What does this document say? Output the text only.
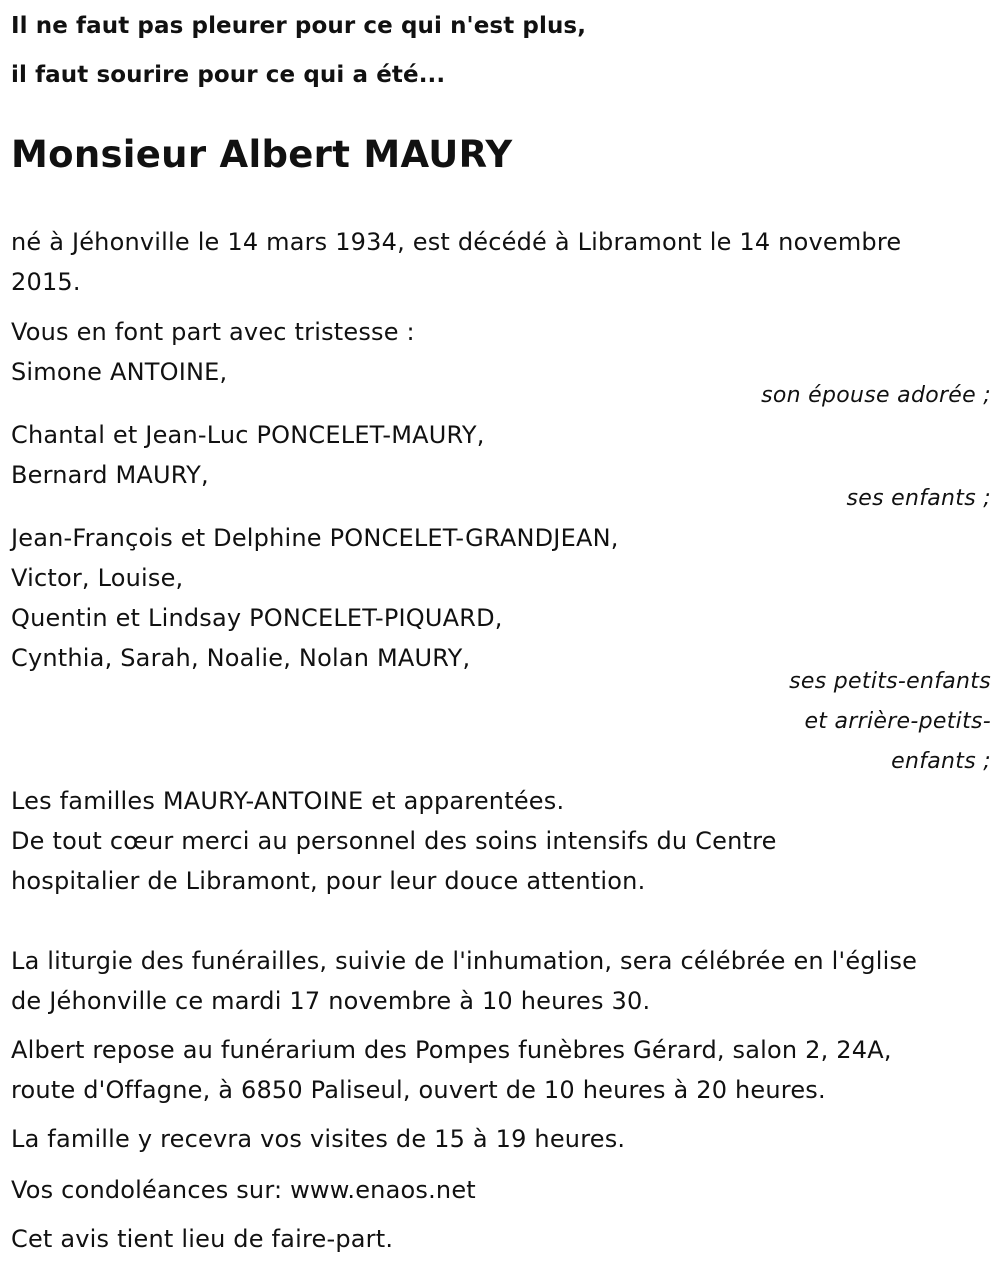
Il ne faut pas pleurer pour ce qui n'est plus,

il faut sourire pour ce qui a été...

Monsieur Albert MAURY

né à Jéhonville le 14 mars 1934, est décédé à Libramont le 14 novembre

2015.

Vous en font part avec tristesse :

Simone ANTOINE,

son épouse adorée ;

Chantal et Jean-Luc PONCELET-MAURY,

Bernard MAURY,

ses enfants ;

Jean-François et Delphine PONCELET-GRANDJEAN,

Victor, Louise,

Quentin et Lindsay PONCELET-PIQUARD,

Cynthia, Sarah, Noalie, Nolan MAURY,

ses petits-enfants

et arrière-petits-

enfants ;

Les familles MAURY-ANTOINE et apparentées.

De tout cœur merci au personnel des soins intensifs du Centre

hospitalier de Libramont, pour leur douce attention.

La liturgie des funérailles, suivie de l'inhumation, sera célébrée en l'église

de Jéhonville ce mardi 17 novembre à 10 heures 30.

Albert repose au funérarium des Pompes funèbres Gérard, salon 2, 24A,

route d'Offagne, à 6850 Paliseul, ouvert de 10 heures à 20 heures.

La famille y recevra vos visites de 15 à 19 heures.

Vos condoléances sur: www.enaos.net

Cet avis tient lieu de faire-part.
